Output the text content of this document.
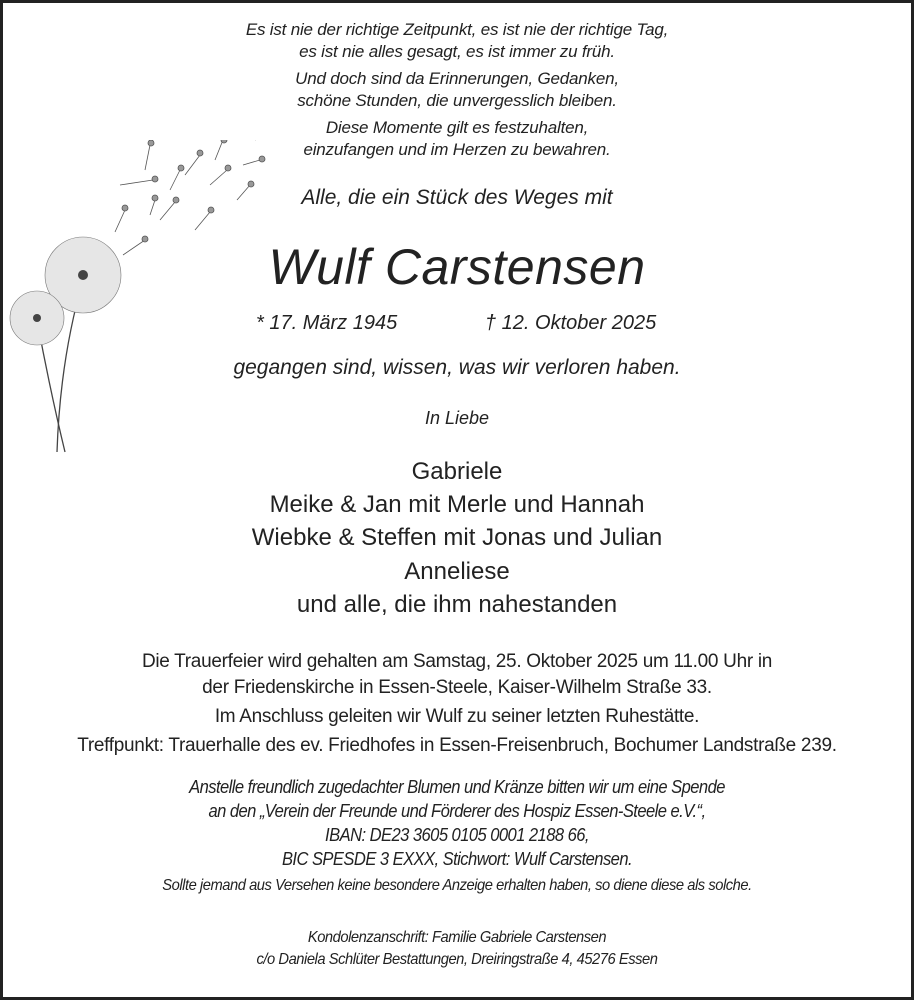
Es ist nie der richtige Zeitpunkt, es ist nie der richtige Tag,
es ist nie alles gesagt, es ist immer zu früh.
Und doch sind da Erinnerungen, Gedanken,
schöne Stunden, die unvergesslich bleiben.
Diese Momente gilt es festzuhalten,
einzufangen und im Herzen zu bewahren.
Alle, die ein Stück des Weges mit
Wulf Carstensen
* 17. März 1945	† 12. Oktober 2025
gegangen sind, wissen, was wir verloren haben.
In Liebe
Gabriele
Meike & Jan mit Merle und Hannah
Wiebke & Steffen mit Jonas und Julian
Anneliese
und alle, die ihm nahestanden
Die Trauerfeier wird gehalten am Samstag, 25. Oktober 2025 um 11.00 Uhr in
der Friedenskirche in Essen-Steele, Kaiser-Wilhelm Straße 33.
Im Anschluss geleiten wir Wulf zu seiner letzten Ruhestätte.
Treffpunkt: Trauerhalle des ev. Friedhofes in Essen-Freisenbruch, Bochumer Landstraße 239.
Anstelle freundlich zugedachter Blumen und Kränze bitten wir um eine Spende
an den „Verein der Freunde und Förderer des Hospiz Essen-Steele e.V.“,
IBAN: DE23 3605 0105 0001 2188 66,
BIC SPESDE 3 EXXX, Stichwort: Wulf Carstensen.
Sollte jemand aus Versehen keine besondere Anzeige erhalten haben, so diene diese als solche.
Kondolenzanschrift: Familie Gabriele Carstensen
c/o Daniela Schlüter Bestattungen, Dreiringstraße 4, 45276 Essen
